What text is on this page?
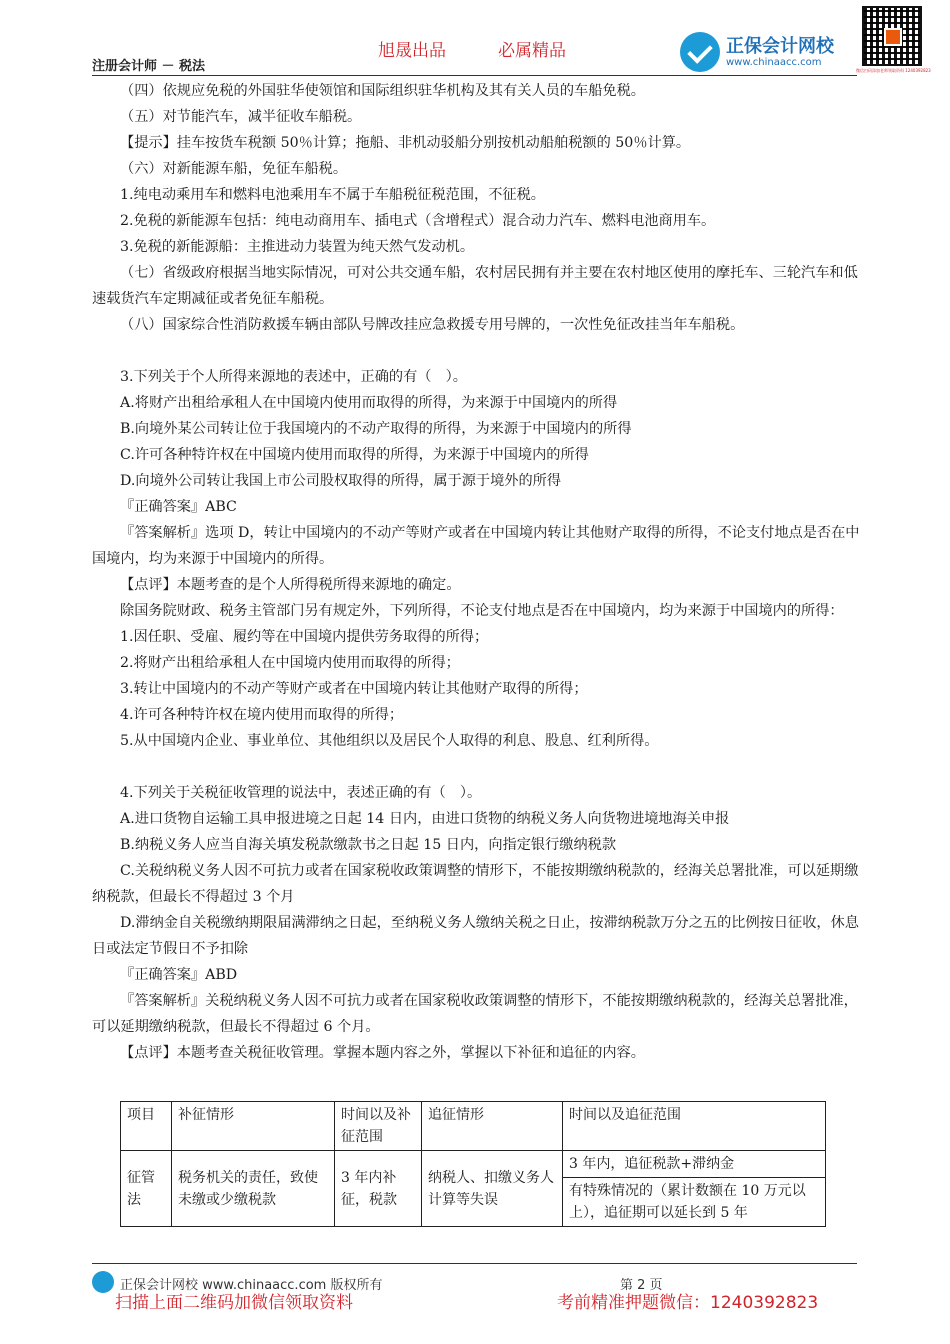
注册会计师 － 税法
旭晟出品	必属精品	正保会计网校
www.chinaacc.com
微信扫码添加老师领取资料 1240392823

（四）依规应免税的外国驻华使领馆和国际组织驻华机构及其有关人员的车船免税。

（五）对节能汽车，减半征收车船税。

【提示】挂车按货车税额 50％计算；拖船、非机动驳船分别按机动船舶税额的 50％计算。

（六）对新能源车船，免征车船税。

1.纯电动乘用车和燃料电池乘用车不属于车船税征税范围，不征税。

2.免税的新能源车包括：纯电动商用车、插电式（含增程式）混合动力汽车、燃料电池商用车。

3.免税的新能源船：主推进动力装置为纯天然气发动机。

（七）省级政府根据当地实际情况，可对公共交通车船，农村居民拥有并主要在农村地区使用的摩托车、三轮汽车和低速载货汽车定期减征或者免征车船税。

（八）国家综合性消防救援车辆由部队号牌改挂应急救援专用号牌的，一次性免征改挂当年车船税。

3.下列关于个人所得来源地的表述中，正确的有（　）。

A.将财产出租给承租人在中国境内使用而取得的所得，为来源于中国境内的所得

B.向境外某公司转让位于我国境内的不动产取得的所得，为来源于中国境内的所得

C.许可各种特许权在中国境内使用而取得的所得，为来源于中国境内的所得

D.向境外公司转让我国上市公司股权取得的所得，属于源于境外的所得

『正确答案』ABC

『答案解析』选项 D，转让中国境内的不动产等财产或者在中国境内转让其他财产取得的所得，不论支付地点是否在中国境内，均为来源于中国境内的所得。

【点评】本题考查的是个人所得税所得来源地的确定。

除国务院财政、税务主管部门另有规定外，下列所得，不论支付地点是否在中国境内，均为来源于中国境内的所得：

1.因任职、受雇、履约等在中国境内提供劳务取得的所得；

2.将财产出租给承租人在中国境内使用而取得的所得；

3.转让中国境内的不动产等财产或者在中国境内转让其他财产取得的所得；

4.许可各种特许权在境内使用而取得的所得；

5.从中国境内企业、事业单位、其他组织以及居民个人取得的利息、股息、红利所得。

4.下列关于关税征收管理的说法中，表述正确的有（　）。

A.进口货物自运输工具申报进境之日起 14 日内，由进口货物的纳税义务人向货物进境地海关申报

B.纳税义务人应当自海关填发税款缴款书之日起 15 日内，向指定银行缴纳税款

C.关税纳税义务人因不可抗力或者在国家税收政策调整的情形下，不能按期缴纳税款的，经海关总署批准，可以延期缴纳税款，但最长不得超过 3 个月

D.滞纳金自关税缴纳期限届满滞纳之日起，至纳税义务人缴纳关税之日止，按滞纳税款万分之五的比例按日征收，休息日或法定节假日不予扣除

『正确答案』ABD

『答案解析』关税纳税义务人因不可抗力或者在国家税收政策调整的情形下，不能按期缴纳税款的，经海关总署批准，可以延期缴纳税款，但最长不得超过 6 个月。

【点评】本题考查关税征收管理。掌握本题内容之外，掌握以下补征和追征的内容。

项目	补征情形	时间以及补征范围	追征情形	时间以及追征范围
征管法	税务机关的责任，致使未缴或少缴税款	3 年内补征，税款	纳税人、扣缴义务人计算等失误	3 年内，追征税款+滞纳金
				有特殊情况的（累计数额在 10 万元以上），追征期可以延长到 5 年
正保会计网校 www.chinaacc.com 版权所有	第 2 页
扫描上面二维码加微信领取资料	考前精准押题微信：1240392823
